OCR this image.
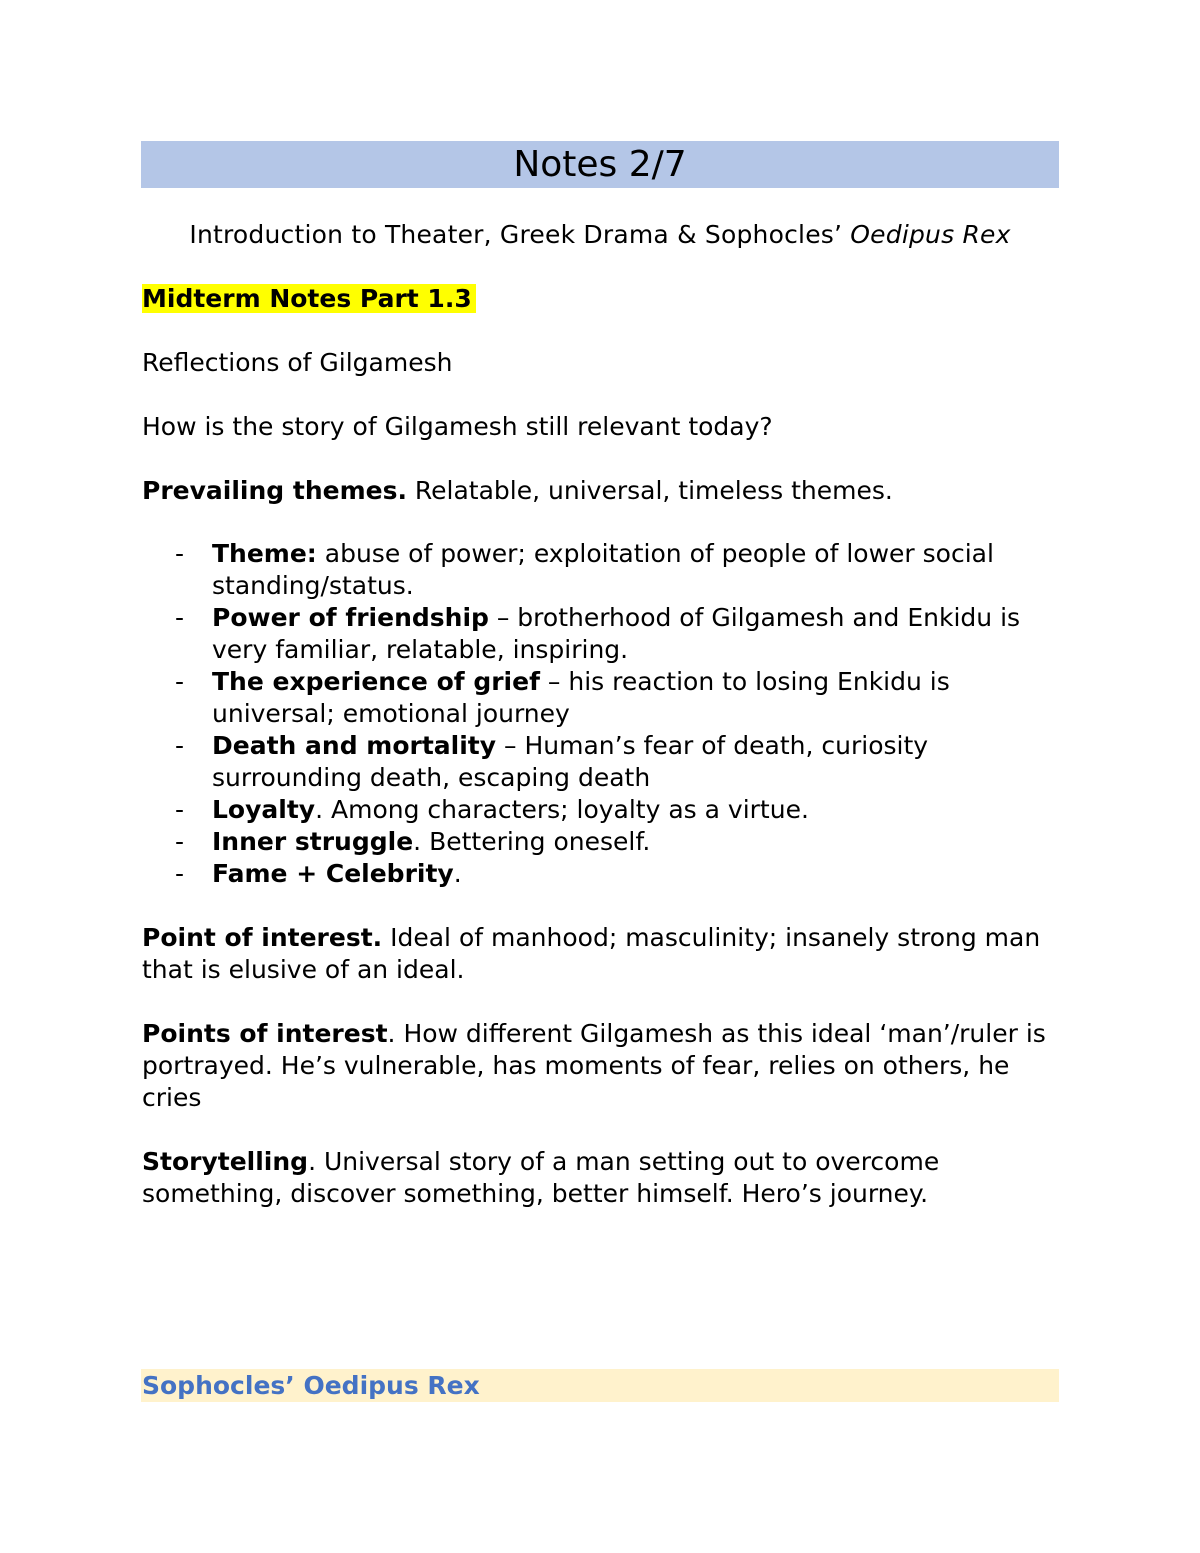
Notes 2/7
Introduction to Theater, Greek Drama & Sophocles’ Oedipus Rex
Midterm Notes Part 1.3
Reflections of Gilgamesh
How is the story of Gilgamesh still relevant today?
Prevailing themes. Relatable, universal, timeless themes.
- Theme: abuse of power; exploitation of people of lower social standing/status.
- Power of friendship – brotherhood of Gilgamesh and Enkidu is very familiar, relatable, inspiring.
- The experience of grief – his reaction to losing Enkidu is universal; emotional journey
- Death and mortality – Human’s fear of death, curiosity surrounding death, escaping death
- Loyalty. Among characters; loyalty as a virtue.
- Inner struggle. Bettering oneself.
- Fame + Celebrity.
Point of interest. Ideal of manhood; masculinity; insanely strong man that is elusive of an ideal.
Points of interest. How different Gilgamesh as this ideal ‘man’/ruler is portrayed. He’s vulnerable, has moments of fear, relies on others, he cries
Storytelling. Universal story of a man setting out to overcome something, discover something, better himself. Hero’s journey.
Sophocles’ Oedipus Rex
